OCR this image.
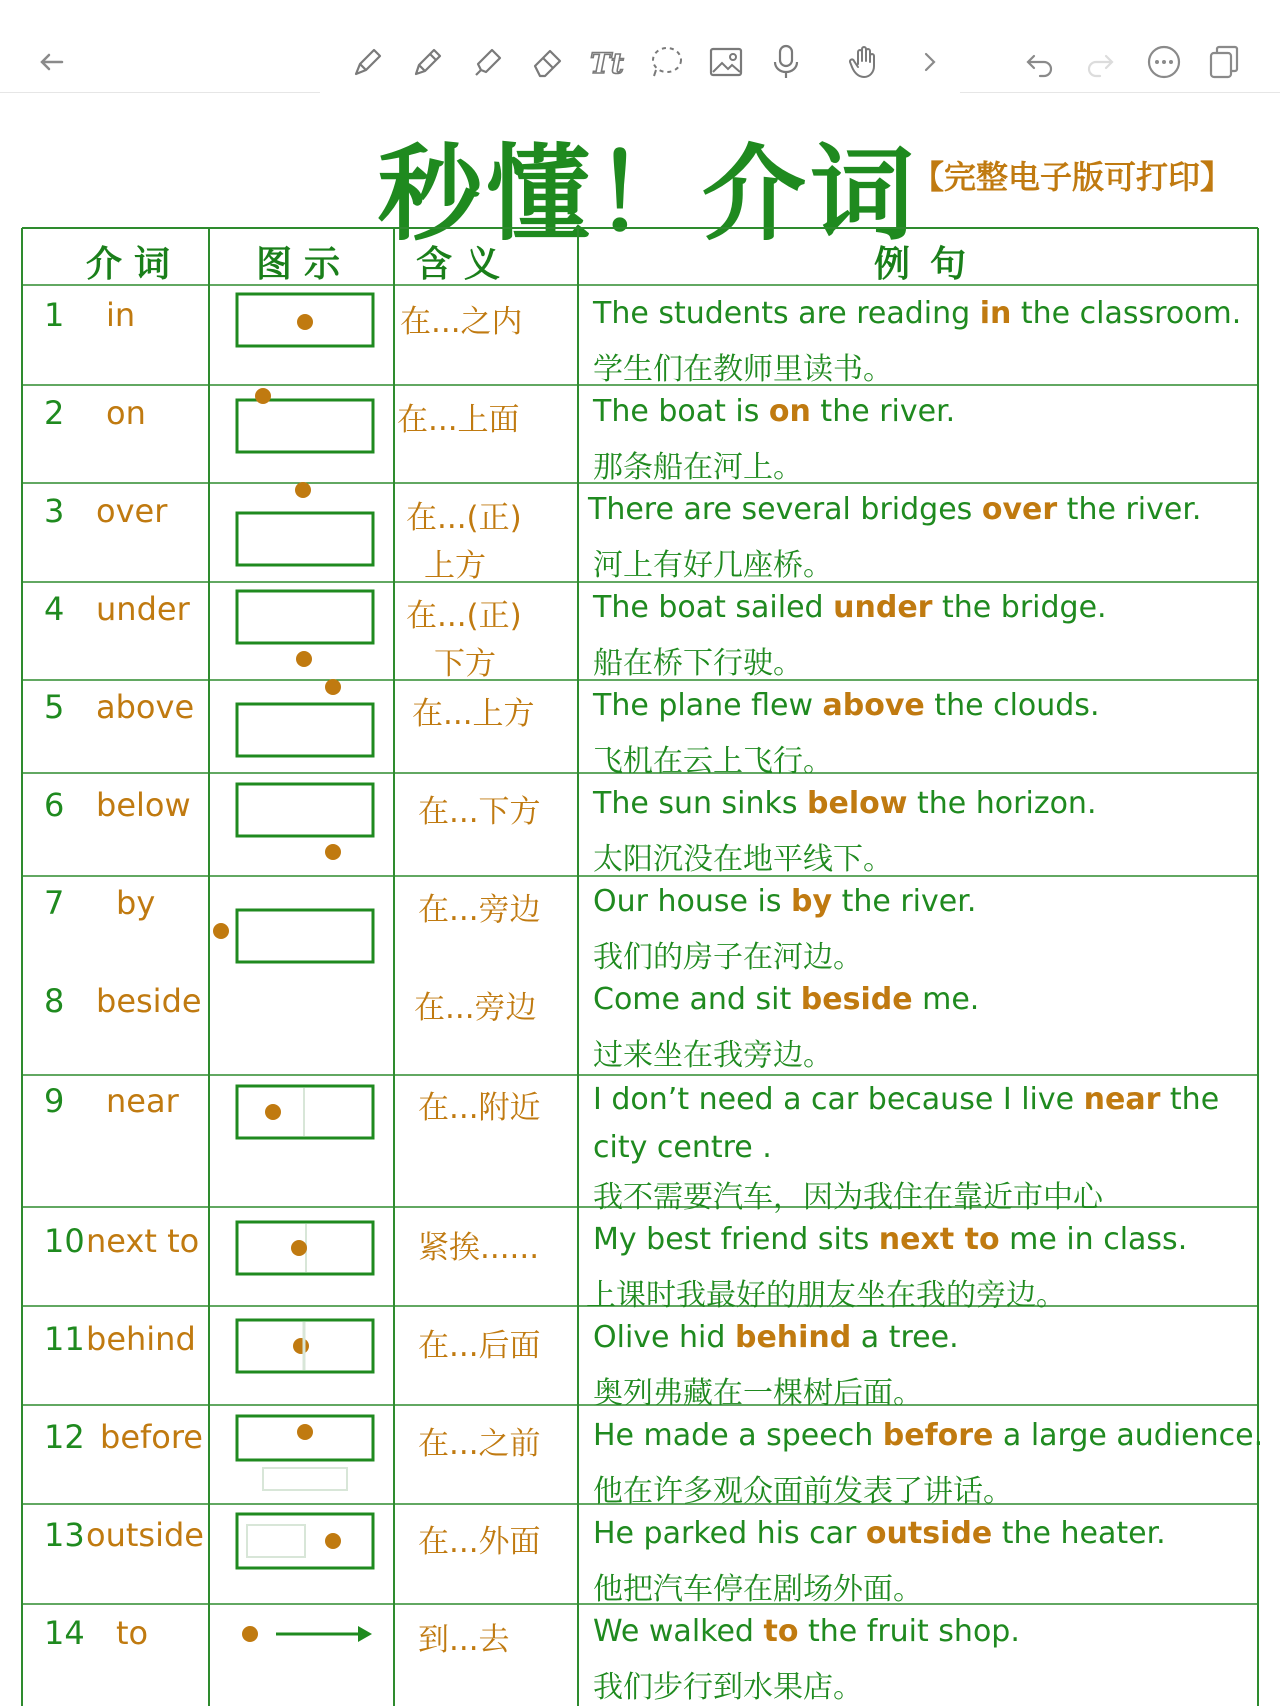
Tt
秒懂！介词
【完整电子版可打印】
介词 图示 含义	例句
1 in	在...之内 The students are reading in the classroom.
学生们在教师里读书。
2 on	在...上面 The boat is on the river.
那条船在河上。
3 over	在...(正)
上方
There are several bridges over the river.
河上有好几座桥。
4 under	在...(正)
下方
The boat sailed under the bridge.
船在桥下行驶。
5 above	在...上方 The plane flew above the clouds.
飞机在云上飞行。
6 below	在...下方 The sun sinks below the horizon.
太阳沉没在地平线下。
7 by	在...旁边 Our house is by the river.
我们的房子在河边。
8 beside	在...旁边 Come and sit beside me.
过来坐在我旁边。
9 near	在...附近 I don’t need a car because I live near the
city centre .
我不需要汽车，因为我住在靠近市中心
10 next to	紧挨...... My best friend sits next to me in class.
上课时我最好的朋友坐在我的旁边。
11 behind	在...后面 Olive hid behind a tree.
奥列弗藏在一棵树后面。
12 before	在...之前 He made a speech before a large audience.
他在许多观众面前发表了讲话。
13 outside	在...外面 He parked his car outside the heater.
他把汽车停在剧场外面。
14 to	到...去	We walked to the fruit shop.
我们步行到水果店。
